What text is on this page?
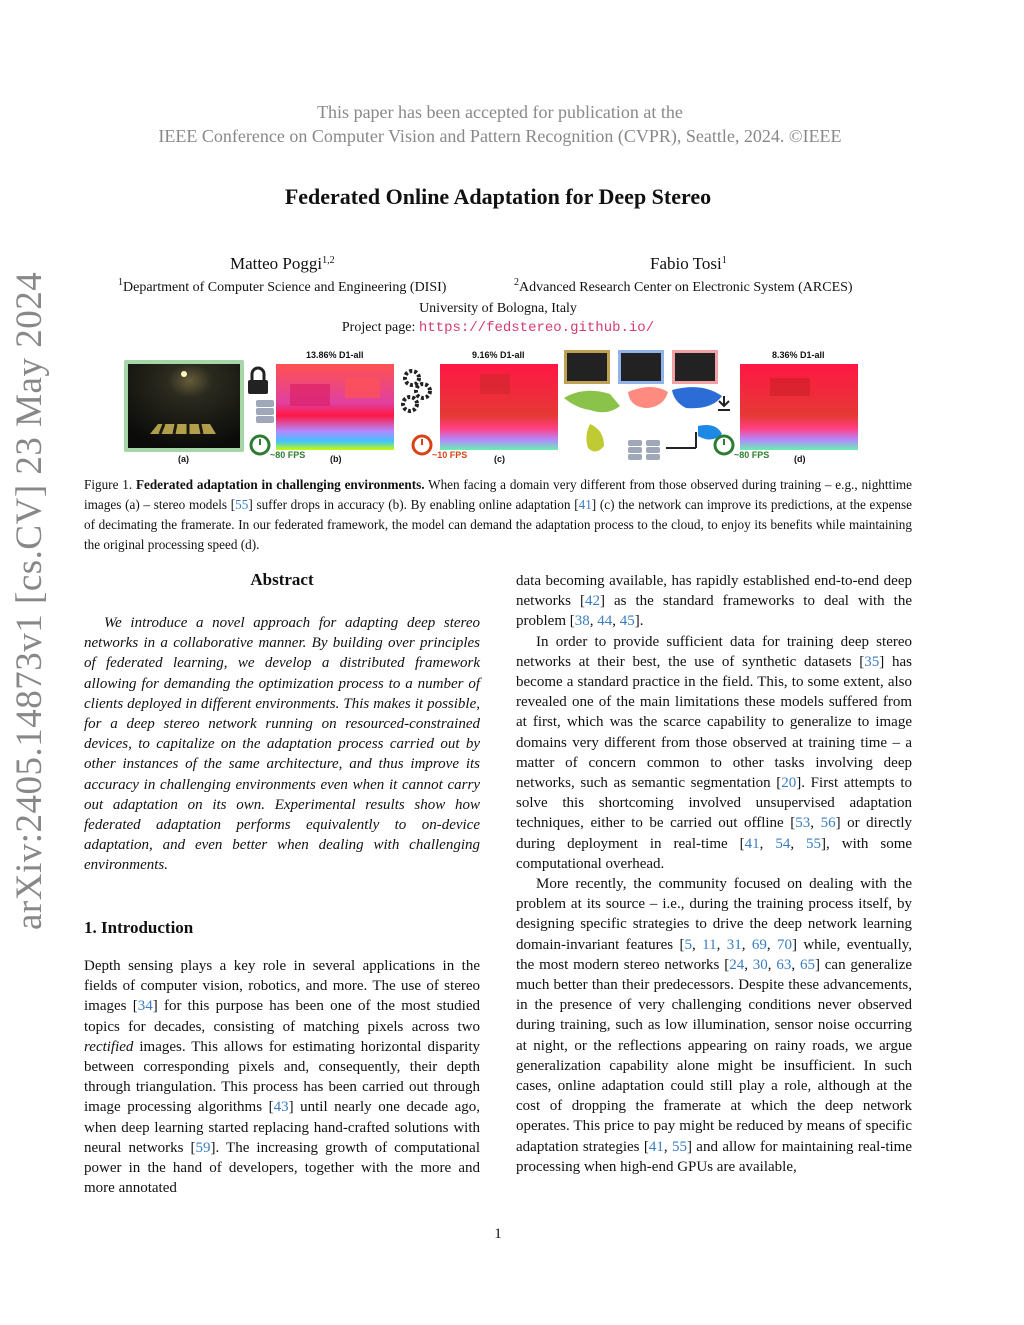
This paper has been accepted for publication at the
IEEE Conference on Computer Vision and Pattern Recognition (CVPR), Seattle, 2024. ©IEEE
Federated Online Adaptation for Deep Stereo
Matteo Poggi$^{1,2}$	Fabio Tosi$^1$
$^1$Department of Computer Science and Engineering (DISI)	$^2$Advanced Research Center on Electronic System (ARCES)
University of Bologna, Italy
Project page: https://fedstereo.github.io/
arXiv:2405.14873v1 [cs.CV] 23 May 2024	13.86% D1-all	9.16% D1-all	8.36% D1-all
~80 FPS	~10 FPS	~80 FPS
(a)	(b)	(c)	(d)
Figure 1. Federated adaptation in challenging environments. When facing a domain very different from those observed during training – e.g., nighttime images (a) – stereo models [55] suffer drops in accuracy (b). By enabling online adaptation [41] (c) the network can improve its predictions, at the expense of decimating the framerate. In our federated framework, the model can demand the adaptation process to the cloud, to enjoy its benefits while maintaining the original processing speed (d).
Abstract

We introduce a novel approach for adapting deep stereo networks in a collaborative manner. By building over principles of federated learning, we develop a distributed framework allowing for demanding the optimization process to a number of clients deployed in different environments. This makes it possible, for a deep stereo network running on resourced-constrained devices, to capitalize on the adaptation process carried out by other instances of the same architecture, and thus improve its accuracy in challenging environments even when it cannot carry out adaptation on its own. Experimental results show how federated adaptation performs equivalently to on-device adaptation, and even better when dealing with challenging environments.

1. Introduction

Depth sensing plays a key role in several applications in the fields of computer vision, robotics, and more. The use of stereo images [34] for this purpose has been one of the most studied topics for decades, consisting of matching pixels across two rectified images. This allows for estimating horizontal disparity between corresponding pixels and, consequently, their depth through triangulation. This process has been carried out through image processing algorithms [43] until nearly one decade ago, when deep learning started replacing hand-crafted solutions with neural networks [59]. The increasing growth of computational power in the hand of developers, together with the more and more annotated

data becoming available, has rapidly established end-to-end deep networks [42] as the standard frameworks to deal with the problem [38, 44, 45].

In order to provide sufficient data for training deep stereo networks at their best, the use of synthetic datasets [35] has become a standard practice in the field. This, to some extent, also revealed one of the main limitations these models suffered from at first, which was the scarce capability to generalize to image domains very different from those observed at training time – a matter of concern common to other tasks involving deep networks, such as semantic segmentation [20]. First attempts to solve this shortcoming involved unsupervised adaptation techniques, either to be carried out offline [53, 56] or directly during deployment in real-time [41, 54, 55], with some computational overhead.

More recently, the community focused on dealing with the problem at its source – i.e., during the training process itself, by designing specific strategies to drive the deep network learning domain-invariant features [5, 11, 31, 69, 70] while, eventually, the most modern stereo networks [24, 30, 63, 65] can generalize much better than their predecessors. Despite these advancements, in the presence of very challenging conditions never observed during training, such as low illumination, sensor noise occurring at night, or the reflections appearing on rainy roads, we argue generalization capability alone might be insufficient. In such cases, online adaptation could still play a role, although at the cost of dropping the framerate at which the deep network operates. This price to pay might be reduced by means of specific adaptation strategies [41, 55] and allow for maintaining real-time processing when high-end GPUs are available,

1
